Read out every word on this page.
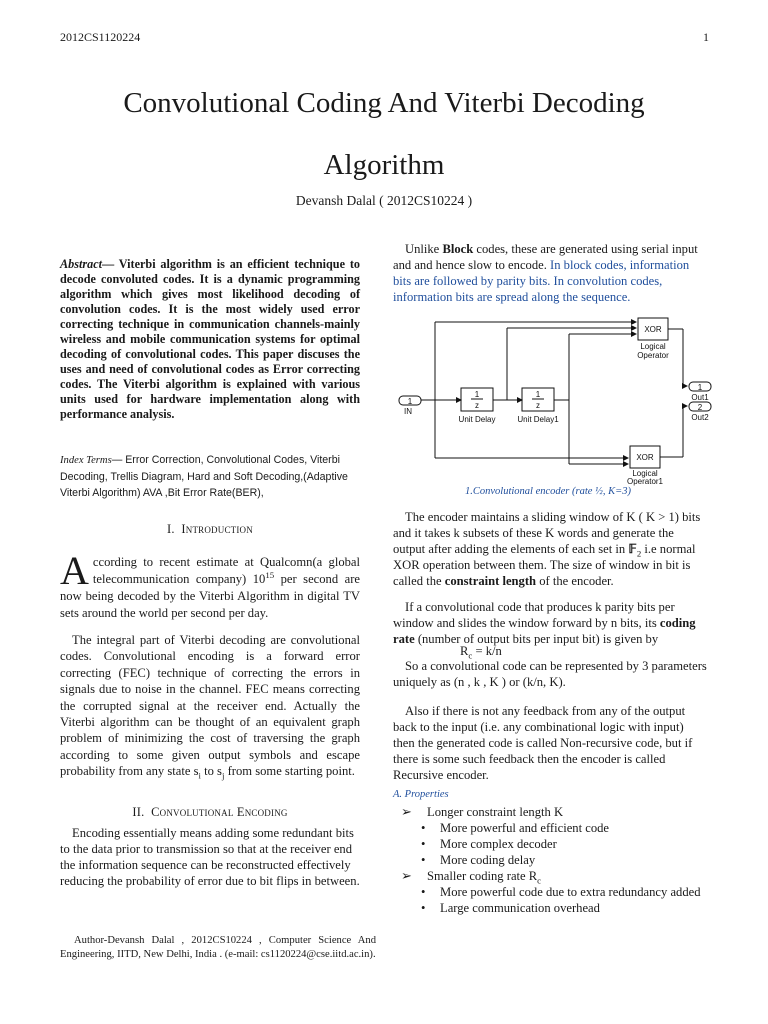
2012CS1120224	1
Convolutional Coding And Viterbi Decoding
Algorithm
Devansh Dalal ( 2012CS10224 )
Abstract— Viterbi algorithm is an efficient technique to decode convoluted codes. It is a dynamic programming algorithm which gives most likelihood decoding of convolution codes. It is the most widely used error correcting technique in communication channels-mainly wireless and mobile communication systems for optimal decoding of convolutional codes. This paper discuses the uses and need of convolutional codes as Error correcting codes. The Viterbi algorithm is explained with various units used for hardware implementation along with performance analysis.
Index Terms— Error Correction, Convolutional Codes, Viterbi Decoding, Trellis Diagram, Hard and Soft Decoding,(Adaptive Viterbi Algorithm) AVA ,Bit Error Rate(BER),
I. Introduction
According to recent estimate at Qualcomn(a global telecommunication company) $10^{15}$ per second are now being decoded by the Viterbi Algorithm in digital TV sets around the world per second per day.
The integral part of Viterbi decoding are convolutional codes. Convolutional encoding is a forward error correcting (FEC) technique of correcting the errors in signals due to noise in the channel. FEC means correcting the corrupted signal at the receiver end. Actually the Viterbi algorithm can be thought of an equivalent graph problem of minimizing the cost of traversing the graph according to some given output symbols and escape probability from any state $s_i$ to $s_j$ from some starting point.
II. Convolutional Encoding
Encoding essentially means adding some redundant bits to the data prior to transmission so that at the receiver end the information sequence can be reconstructed effectively reducing the probability of error due to bit flips in between.
Author-Devansh Dalal , 2012CS10224 , Computer Science And Engineering, IITD, New Delhi, India . (e-mail: cs1120224@cse.iitd.ac.in).
Unlike Block codes, these are generated using serial input and and hence slow to encode. In block codes, information bits are followed by parity bits. In convolution codes, information bits are spread along the sequence.
1
IN
1
z
Unit Delay
1
z
Unit Delay1
XOR
Logical
Operator
XOR
Logical
Operator1
1
Out1
2
Out2
1.Convolutional encoder (rate ½, K=3)
The encoder maintains a sliding window of K ( K > 1) bits and it takes k subsets of these K words and generate the output after adding the elements of each set in 𝔽$_2$ i.e normal XOR operation between them. The size of window in bit is called the constraint length of the encoder.
If a convolutional code that produces k parity bits per window and slides the window forward by n bits, its coding rate (number of output bits per input bit) is given by
$R_c = k/n$
So a convolutional code can be represented by 3 parameters uniquely as (n , k , K ) or (k/n, K).
Also if there is not any feedback from any of the output back to the input (i.e. any combinational logic with input) then the generated code is called Non-recursive code, but if there is some such feedback then the encoder is called Recursive encoder.
A. Properties
➢ Longer constraint length K
• More powerful and efficient code
• More complex decoder
• More coding delay
➢ Smaller coding rate $R_c$
• More powerful code due to extra redundancy added
• Large communication overhead
